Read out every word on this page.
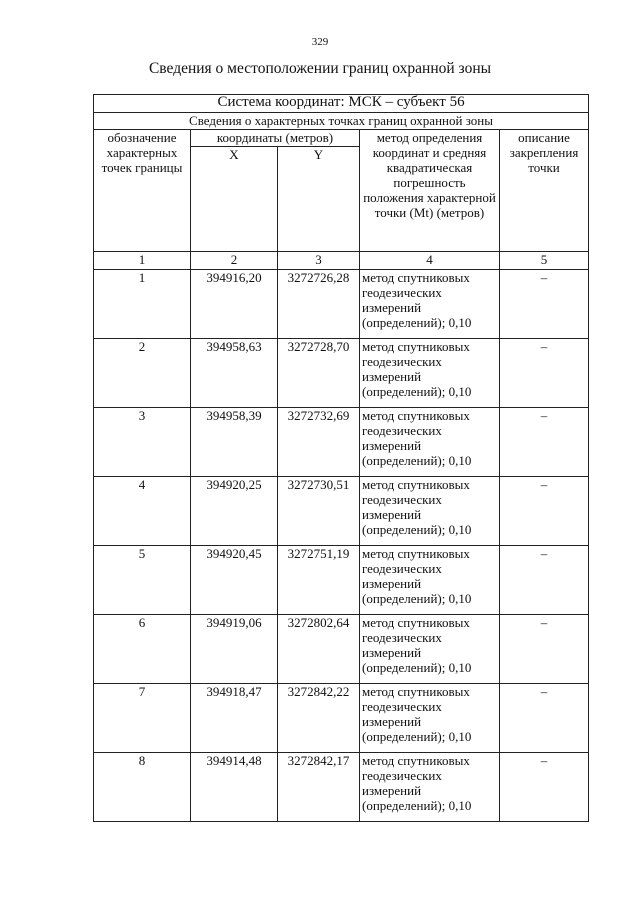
329
Сведения о местоположении границ охранной зоны
Система координат: МСК – субъект 56				
Сведения о характерных точках границ охранной зоны				
обозначение характерных точек границы	координаты (метров)		метод определения координат и средняя квадратическая погрешность положения характерной точки (Mt) (метров)	описание закрепления точки
	X	Y		
1	2	3	4	5
1	394916,20	3272726,28	метод спутниковых геодезических измерений (определений); 0,10	–
2	394958,63	3272728,70	метод спутниковых геодезических измерений (определений); 0,10	–
3	394958,39	3272732,69	метод спутниковых геодезических измерений (определений); 0,10	–
4	394920,25	3272730,51	метод спутниковых геодезических измерений (определений); 0,10	–
5	394920,45	3272751,19	метод спутниковых геодезических измерений (определений); 0,10	–
6	394919,06	3272802,64	метод спутниковых геодезических измерений (определений); 0,10	–
7	394918,47	3272842,22	метод спутниковых геодезических измерений (определений); 0,10	–
8	394914,48	3272842,17	метод спутниковых геодезических измерений (определений); 0,10	–
